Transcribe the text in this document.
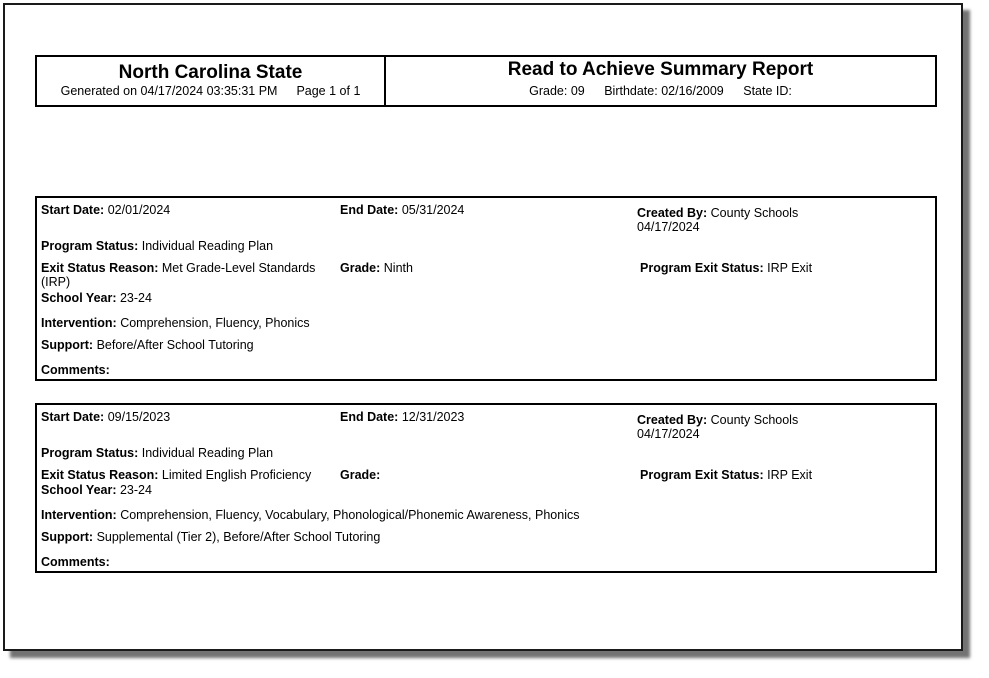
North Carolina State
Generated on 04/17/2024 03:35:31 PM Page 1 of 1
Read to Achieve Summary Report
Grade: 09 Birthdate: 02/16/2009 State ID:
Start Date: 02/01/2024	End Date: 05/31/2024	Created By: County Schools
04/17/2024
Program Status: Individual Reading Plan
Exit Status Reason: Met Grade-Level Standards
(IRP)
Grade: Ninth	Program Exit Status: IRP Exit
School Year: 23-24
Intervention: Comprehension, Fluency, Phonics
Support: Before/After School Tutoring
Comments:
Start Date: 09/15/2023	End Date: 12/31/2023	Created By: County Schools
04/17/2024
Program Status: Individual Reading Plan
Exit Status Reason: Limited English Proficiency Grade:	Program Exit Status: IRP Exit
School Year: 23-24
Intervention: Comprehension, Fluency, Vocabulary, Phonological/Phonemic Awareness, Phonics
Support: Supplemental (Tier 2), Before/After School Tutoring
Comments:
